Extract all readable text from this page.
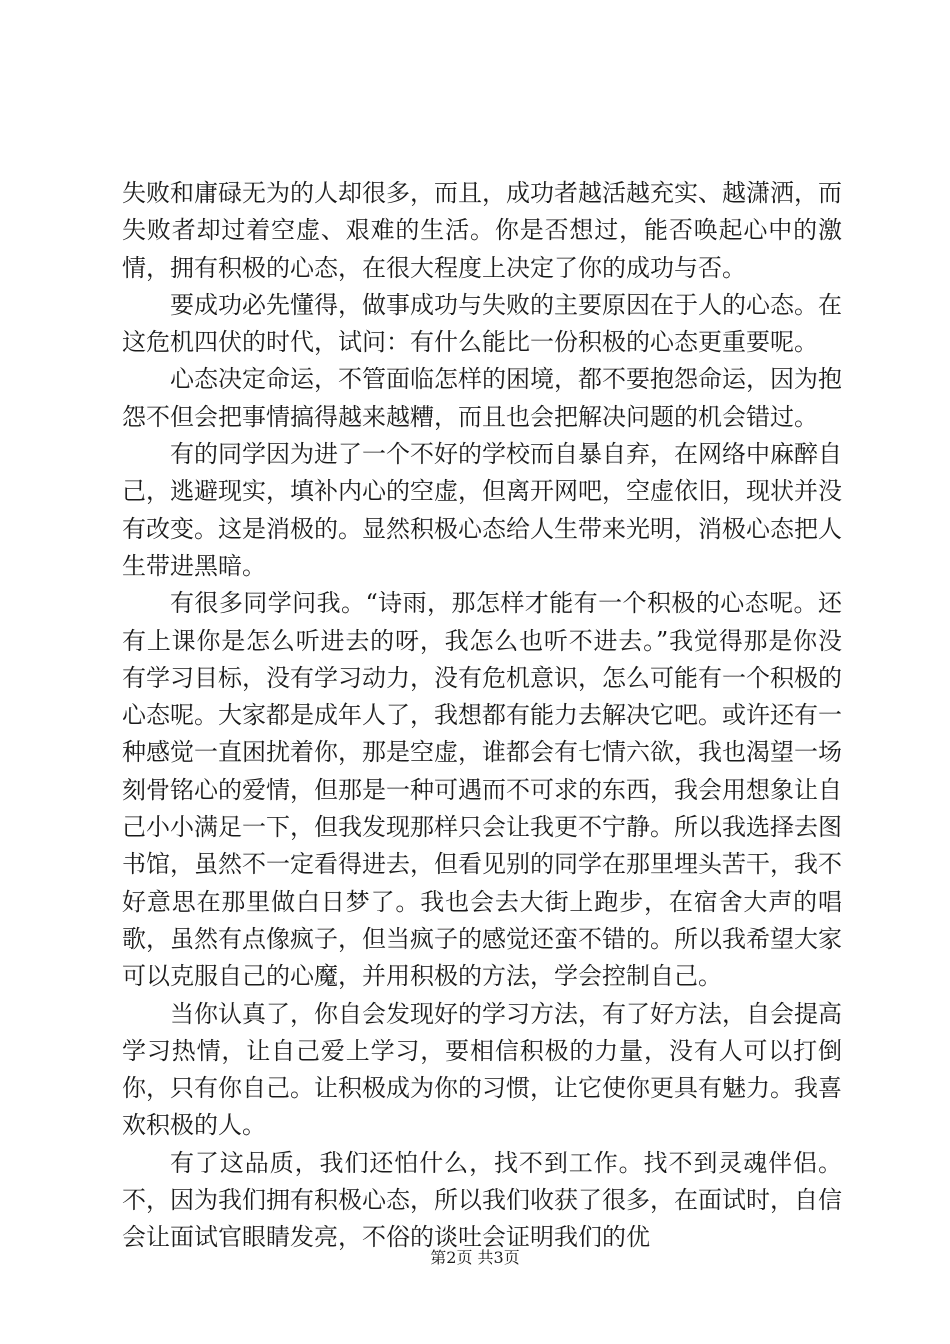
失败和庸碌无为的人却很多，而且，成功者越活越充实、越潇洒，而失败者却过着空虚、艰难的生活。你是否想过，能否唤起心中的激情，拥有积极的心态，在很大程度上决定了你的成功与否。

要成功必先懂得，做事成功与失败的主要原因在于人的心态。在这危机四伏的时代，试问：有什么能比一份积极的心态更重要呢。

心态决定命运，不管面临怎样的困境，都不要抱怨命运，因为抱怨不但会把事情搞得越来越糟，而且也会把解决问题的机会错过。

有的同学因为进了一个不好的学校而自暴自弃，在网络中麻醉自己，逃避现实，填补内心的空虚，但离开网吧，空虚依旧，现状并没有改变。这是消极的。显然积极心态给人生带来光明，消极心态把人生带进黑暗。

有很多同学问我。“诗雨，那怎样才能有一个积极的心态呢。还有上课你是怎么听进去的呀，我怎么也听不进去。”我觉得那是你没有学习目标，没有学习动力，没有危机意识，怎么可能有一个积极的心态呢。大家都是成年人了，我想都有能力去解决它吧。或许还有一种感觉一直困扰着你，那是空虚，谁都会有七情六欲，我也渴望一场刻骨铭心的爱情，但那是一种可遇而不可求的东西，我会用想象让自己小小满足一下，但我发现那样只会让我更不宁静。所以我选择去图书馆，虽然不一定看得进去，但看见别的同学在那里埋头苦干，我不好意思在那里做白日梦了。我也会去大街上跑步，在宿舍大声的唱歌，虽然有点像疯子，但当疯子的感觉还蛮不错的。所以我希望大家可以克服自己的心魔，并用积极的方法，学会控制自己。

当你认真了，你自会发现好的学习方法，有了好方法，自会提高学习热情，让自己爱上学习，要相信积极的力量，没有人可以打倒你，只有你自己。让积极成为你的习惯，让它使你更具有魅力。我喜欢积极的人。

有了这品质，我们还怕什么，找不到工作。找不到灵魂伴侣。不，因为我们拥有积极心态，所以我们收获了很多，在面试时，自信会让面试官眼睛发亮，不俗的谈吐会证明我们的优

第2页 共3页
